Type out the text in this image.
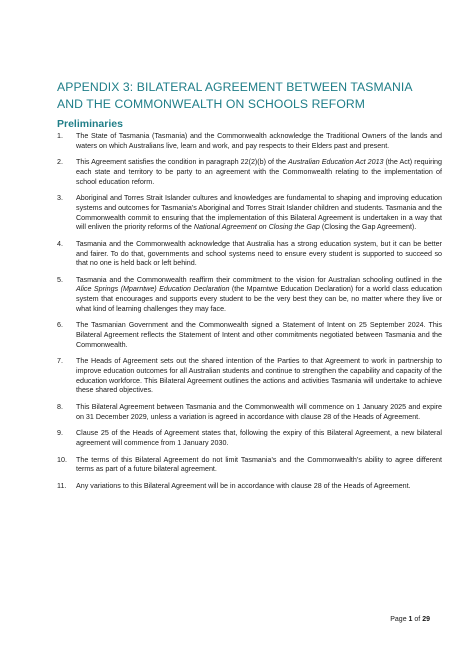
APPENDIX 3: BILATERAL AGREEMENT BETWEEN TASMANIA AND THE COMMONWEALTH ON SCHOOLS REFORM
Preliminaries
1. The State of Tasmania (Tasmania) and the Commonwealth acknowledge the Traditional Owners of the lands and waters on which Australians live, learn and work, and pay respects to their Elders past and present.
2. This Agreement satisfies the condition in paragraph 22(2)(b) of the Australian Education Act 2013 (the Act) requiring each state and territory to be party to an agreement with the Commonwealth relating to the implementation of school education reform.
3. Aboriginal and Torres Strait Islander cultures and knowledges are fundamental to shaping and improving education systems and outcomes for Tasmania’s Aboriginal and Torres Strait Islander children and students. Tasmania and the Commonwealth commit to ensuring that the implementation of this Bilateral Agreement is undertaken in a way that will enliven the priority reforms of the National Agreement on Closing the Gap (Closing the Gap Agreement).
4. Tasmania and the Commonwealth acknowledge that Australia has a strong education system, but it can be better and fairer. To do that, governments and school systems need to ensure every student is supported to succeed so that no one is held back or left behind.
5. Tasmania and the Commonwealth reaffirm their commitment to the vision for Australian schooling outlined in the Alice Springs (Mparntwe) Education Declaration (the Mparntwe Education Declaration) for a world class education system that encourages and supports every student to be the very best they can be, no matter where they live or what kind of learning challenges they may face.
6. The Tasmanian Government and the Commonwealth signed a Statement of Intent on 25 September 2024. This Bilateral Agreement reflects the Statement of Intent and other commitments negotiated between Tasmania and the Commonwealth.
7. The Heads of Agreement sets out the shared intention of the Parties to that Agreement to work in partnership to improve education outcomes for all Australian students and continue to strengthen the capability and capacity of the education workforce. This Bilateral Agreement outlines the actions and activities Tasmania will undertake to achieve these shared objectives.
8. This Bilateral Agreement between Tasmania and the Commonwealth will commence on 1 January 2025 and expire on 31 December 2029, unless a variation is agreed in accordance with clause 28 of the Heads of Agreement.
9. Clause 25 of the Heads of Agreement states that, following the expiry of this Bilateral Agreement, a new bilateral agreement will commence from 1 January 2030.
10. The terms of this Bilateral Agreement do not limit Tasmania’s and the Commonwealth’s ability to agree different terms as part of a future bilateral agreement.
11. Any variations to this Bilateral Agreement will be in accordance with clause 28 of the Heads of Agreement.
Page 1 of 29
